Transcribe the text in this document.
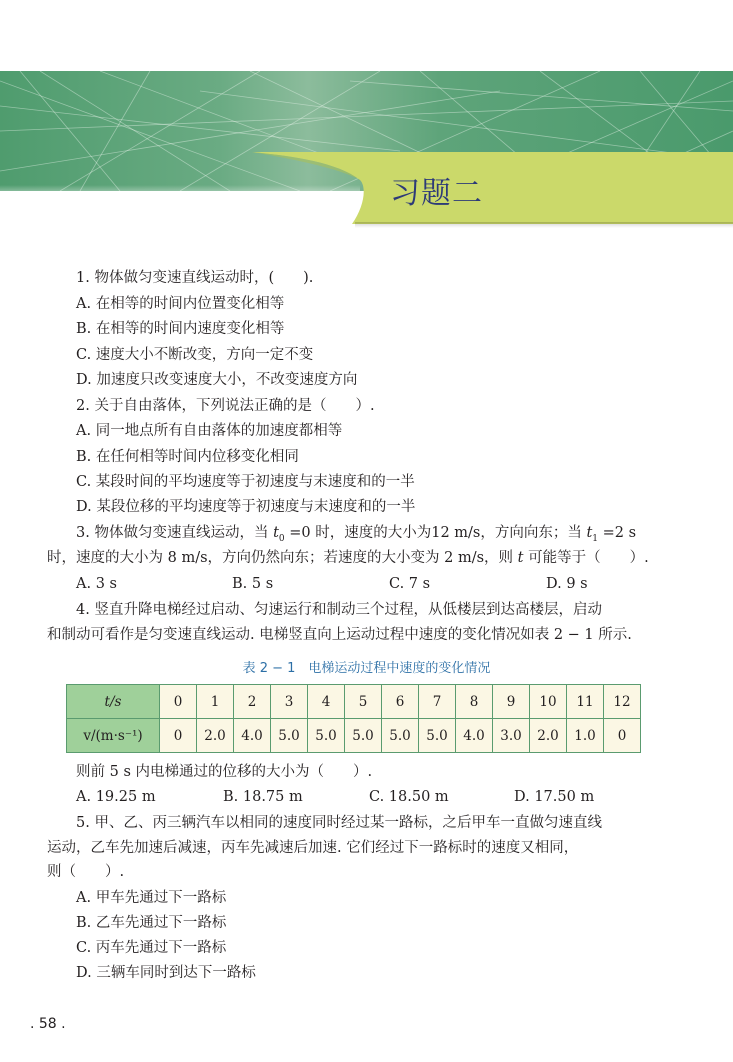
习题二
1. 物体做匀变速直线运动时，(　　).
A. 在相等的时间内位置变化相等
B. 在相等的时间内速度变化相等
C. 速度大小不断改变，方向一定不变
D. 加速度只改变速度大小，不改变速度方向
2. 关于自由落体，下列说法正确的是（　　）.
A. 同一地点所有自由落体的加速度都相等
B. 在任何相等时间内位移变化相同
C. 某段时间的平均速度等于初速度与末速度和的一半
D. 某段位移的平均速度等于初速度与末速度和的一半
3. 物体做匀变速直线运动，当 $t_0 =0$ 时，速度的大小为12 m/s，方向向东；当 $t_1 =2$ s
时，速度的大小为 8 m/s，方向仍然向东；若速度的大小变为 2 m/s，则 t 可能等于（　　）.
A. 3 s	B. 5 s	C. 7 s	D. 9 s
4. 竖直升降电梯经过启动、匀速运行和制动三个过程，从低楼层到达高楼层，启动
和制动可看作是匀变速直线运动. 电梯竖直向上运动过程中速度的变化情况如表 2 − 1 所示.
表 2 − 1　电梯运动过程中速度的变化情况
t/s	0	1	2	3	4	5	6	7	8	9	10	11	12
v/(m·s⁻¹)	0	2.0	4.0	5.0	5.0	5.0	5.0	5.0	4.0	3.0	2.0	1.0	0
则前 5 s 内电梯通过的位移的大小为（　　）.
A. 19.25 m	B. 18.75 m	C. 18.50 m	D. 17.50 m
5. 甲、乙、丙三辆汽车以相同的速度同时经过某一路标，之后甲车一直做匀速直线
运动，乙车先加速后减速，丙车先减速后加速. 它们经过下一路标时的速度又相同，
则（　　）.
A. 甲车先通过下一路标
B. 乙车先通过下一路标
C. 丙车先通过下一路标
D. 三辆车同时到达下一路标
. 58 .
